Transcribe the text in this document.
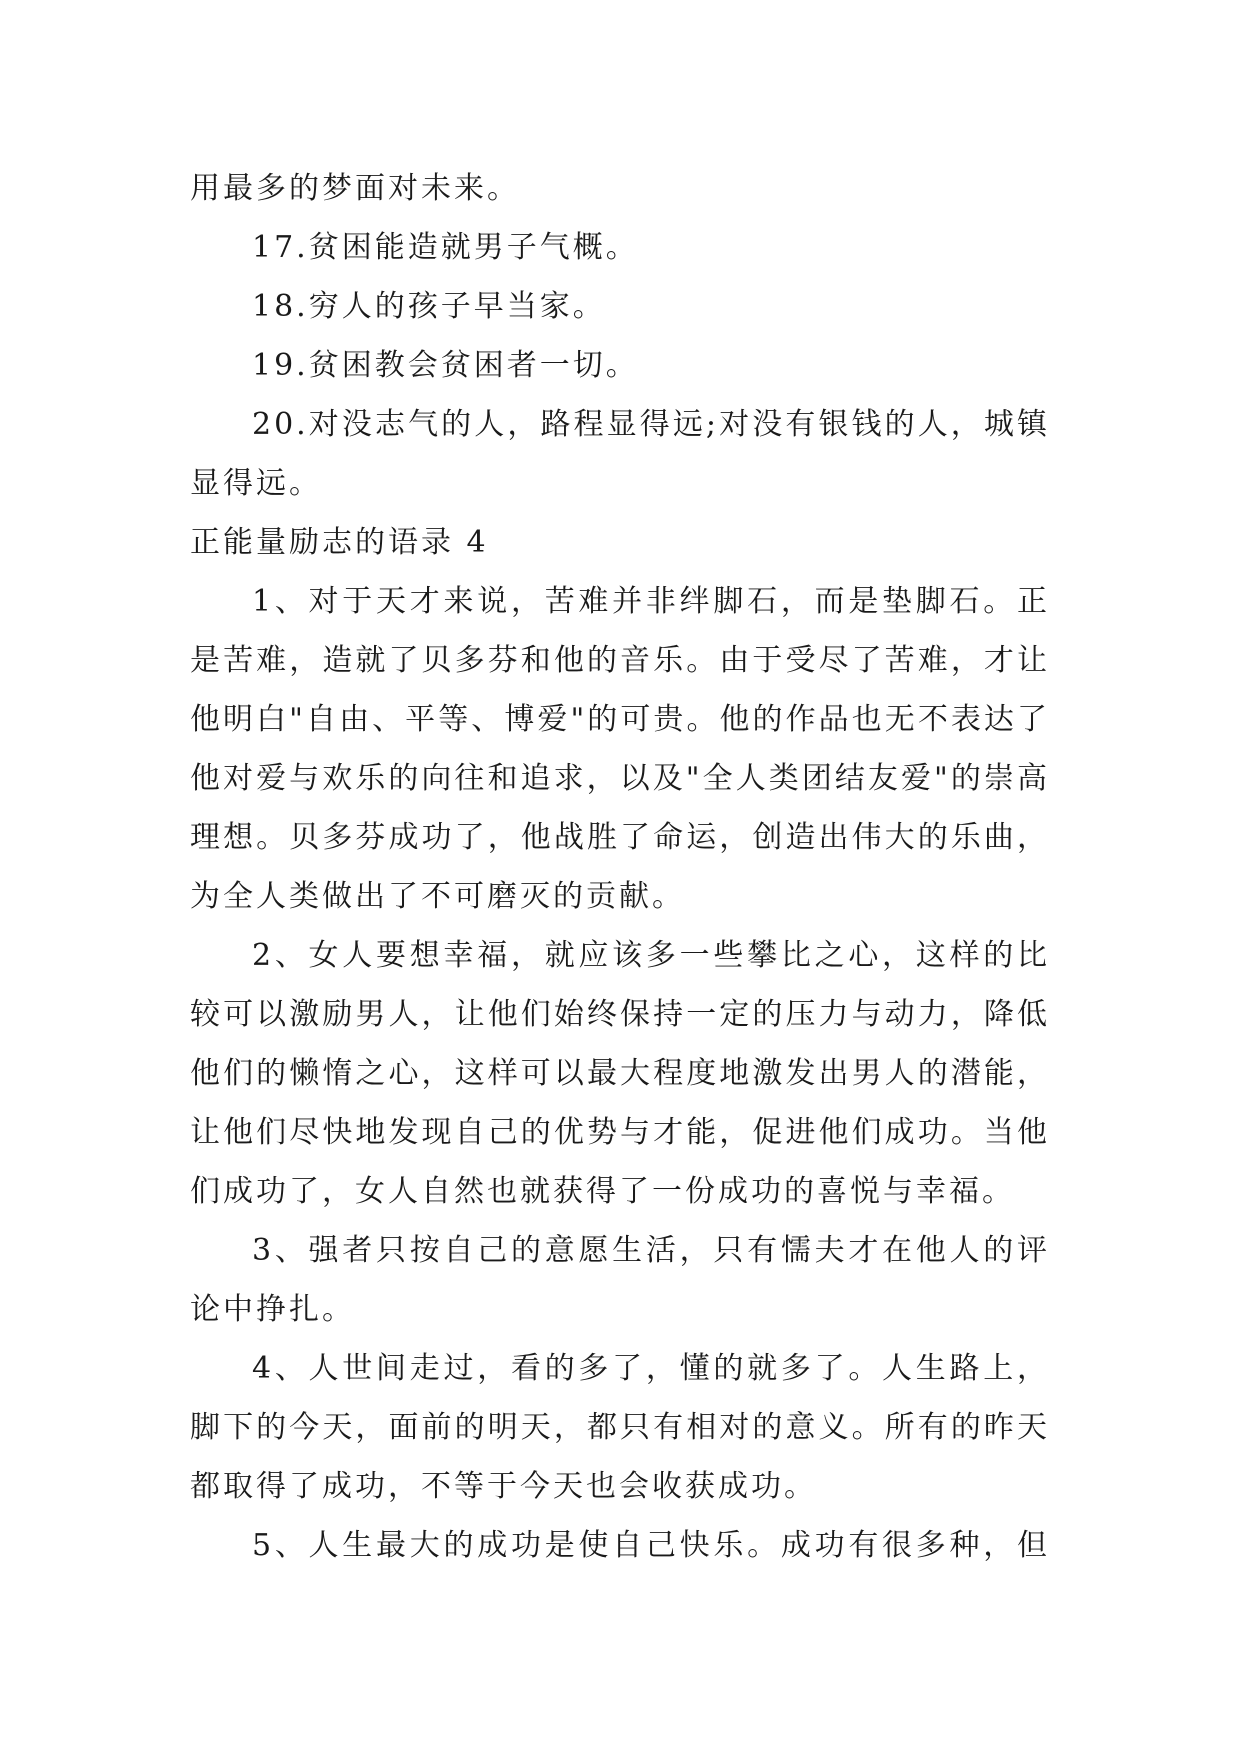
用最多的梦面对未来。
17.贫困能造就男子气概。
18.穷人的孩子早当家。
19.贫困教会贫困者一切。
20.对没志气的人，路程显得远;对没有银钱的人，城镇
显得远。
正能量励志的语录 4
1、对于天才来说，苦难并非绊脚石，而是垫脚石。正
是苦难，造就了贝多芬和他的音乐。由于受尽了苦难，才让
他明白"自由、平等、博爱"的可贵。他的作品也无不表达了
他对爱与欢乐的向往和追求，以及"全人类团结友爱"的崇高
理想。贝多芬成功了，他战胜了命运，创造出伟大的乐曲，
为全人类做出了不可磨灭的贡献。
2、女人要想幸福，就应该多一些攀比之心，这样的比
较可以激励男人，让他们始终保持一定的压力与动力，降低
他们的懒惰之心，这样可以最大程度地激发出男人的潜能，
让他们尽快地发现自己的优势与才能，促进他们成功。当他
们成功了，女人自然也就获得了一份成功的喜悦与幸福。
3、强者只按自己的意愿生活，只有懦夫才在他人的评
论中挣扎。
4、人世间走过，看的多了，懂的就多了。人生路上，
脚下的今天，面前的明天，都只有相对的意义。所有的昨天
都取得了成功，不等于今天也会收获成功。
5、人生最大的成功是使自己快乐。成功有很多种，但
